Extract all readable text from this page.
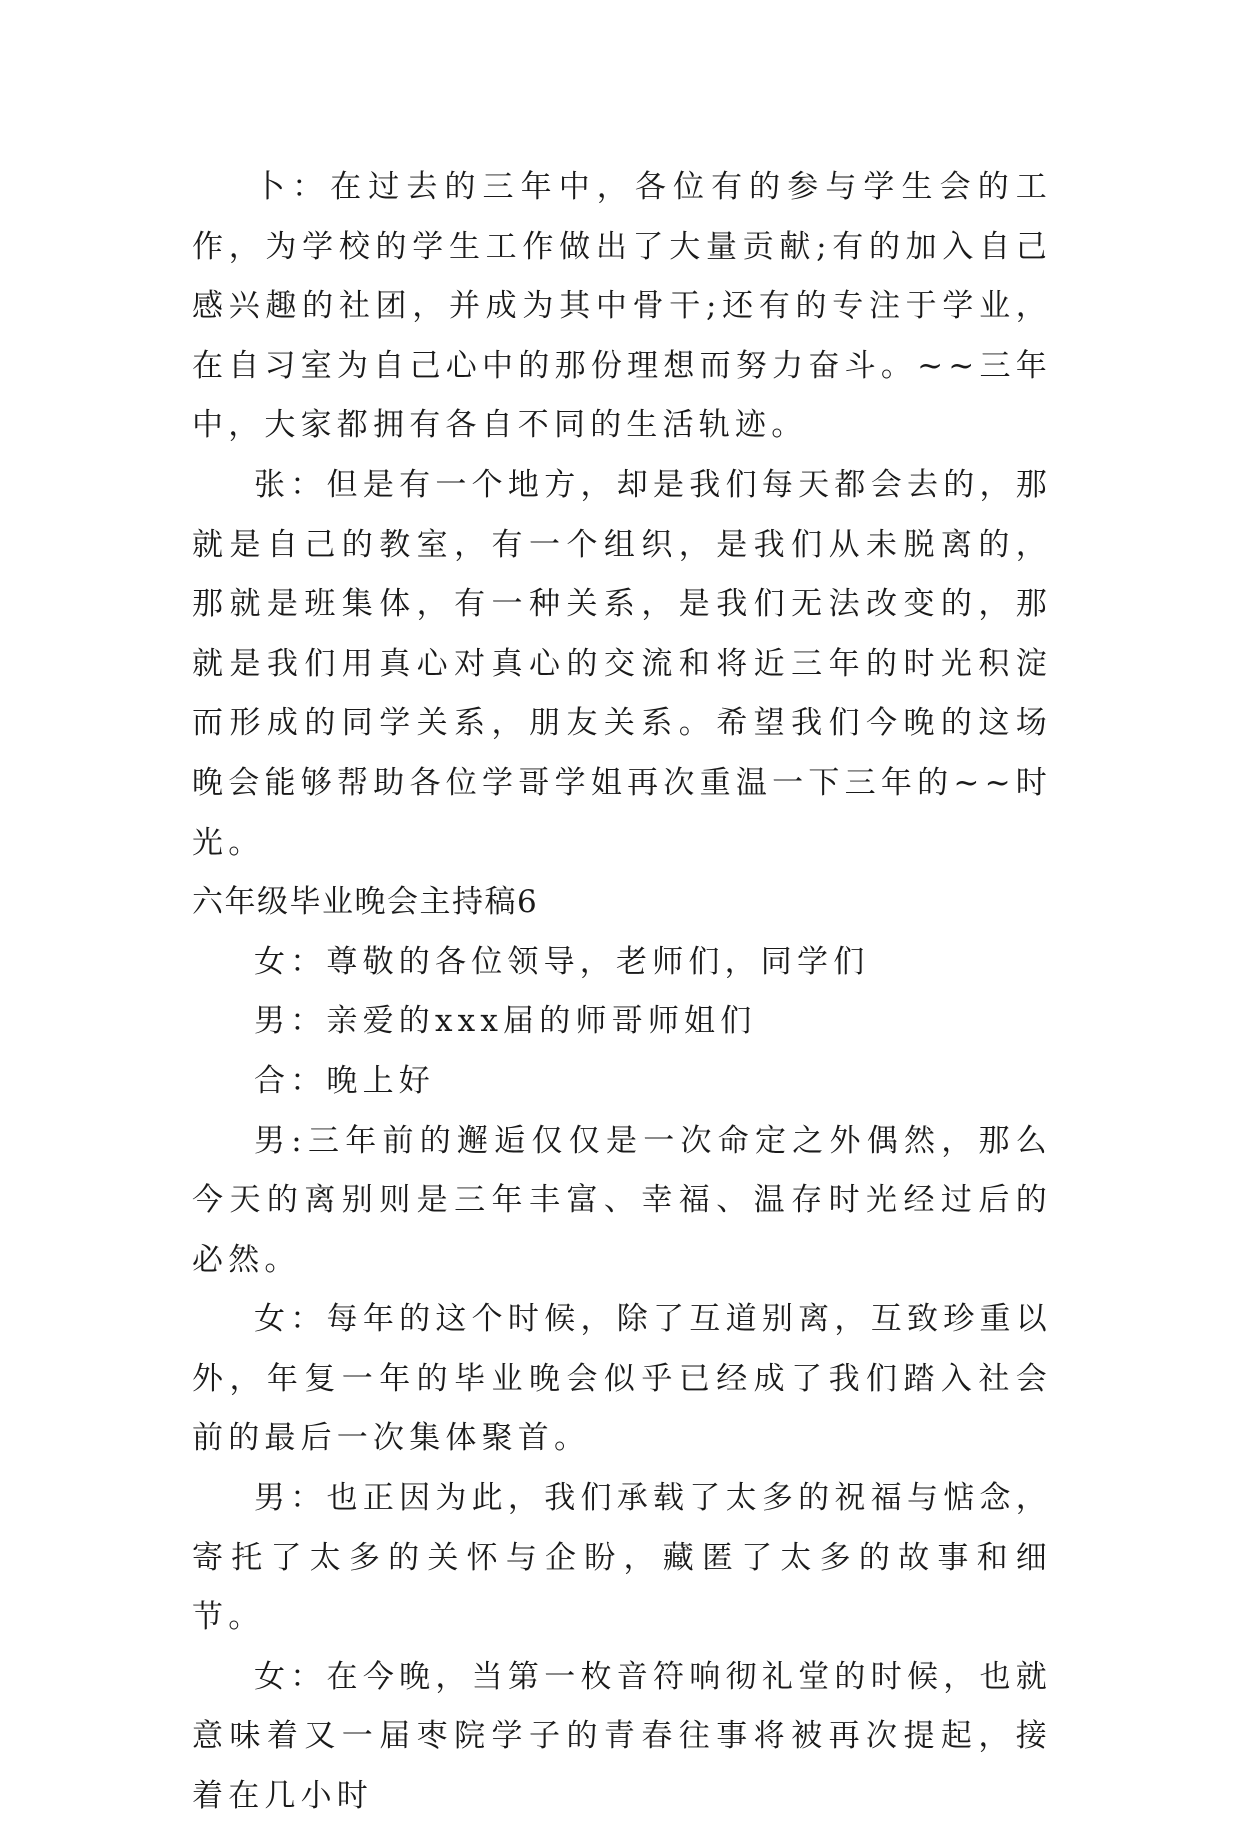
卜：在过去的三年中，各位有的参与学生会的工作，为学校的学生工作做出了大量贡献;有的加入自己感兴趣的社团，并成为其中骨干;还有的专注于学业，在自习室为自己心中的那份理想而努力奋斗。~~三年中，大家都拥有各自不同的生活轨迹。

张：但是有一个地方，却是我们每天都会去的，那就是自己的教室，有一个组织，是我们从未脱离的，那就是班集体，有一种关系，是我们无法改变的，那就是我们用真心对真心的交流和将近三年的时光积淀而形成的同学关系，朋友关系。希望我们今晚的这场晚会能够帮助各位学哥学姐再次重温一下三年的~~时光。

六年级毕业晚会主持稿6

女：尊敬的各位领导，老师们，同学们

男：亲爱的xxx届的师哥师姐们

合：晚上好

男:三年前的邂逅仅仅是一次命定之外偶然，那么今天的离别则是三年丰富、幸福、温存时光经过后的必然。

女：每年的这个时候，除了互道别离，互致珍重以外，年复一年的毕业晚会似乎已经成了我们踏入社会前的最后一次集体聚首。

男：也正因为此，我们承载了太多的祝福与惦念，寄托了太多的关怀与企盼，藏匿了太多的故事和细节。

女：在今晚，当第一枚音符响彻礼堂的时候，也就意味着又一届枣院学子的青春往事将被再次提起，接着在几小时
